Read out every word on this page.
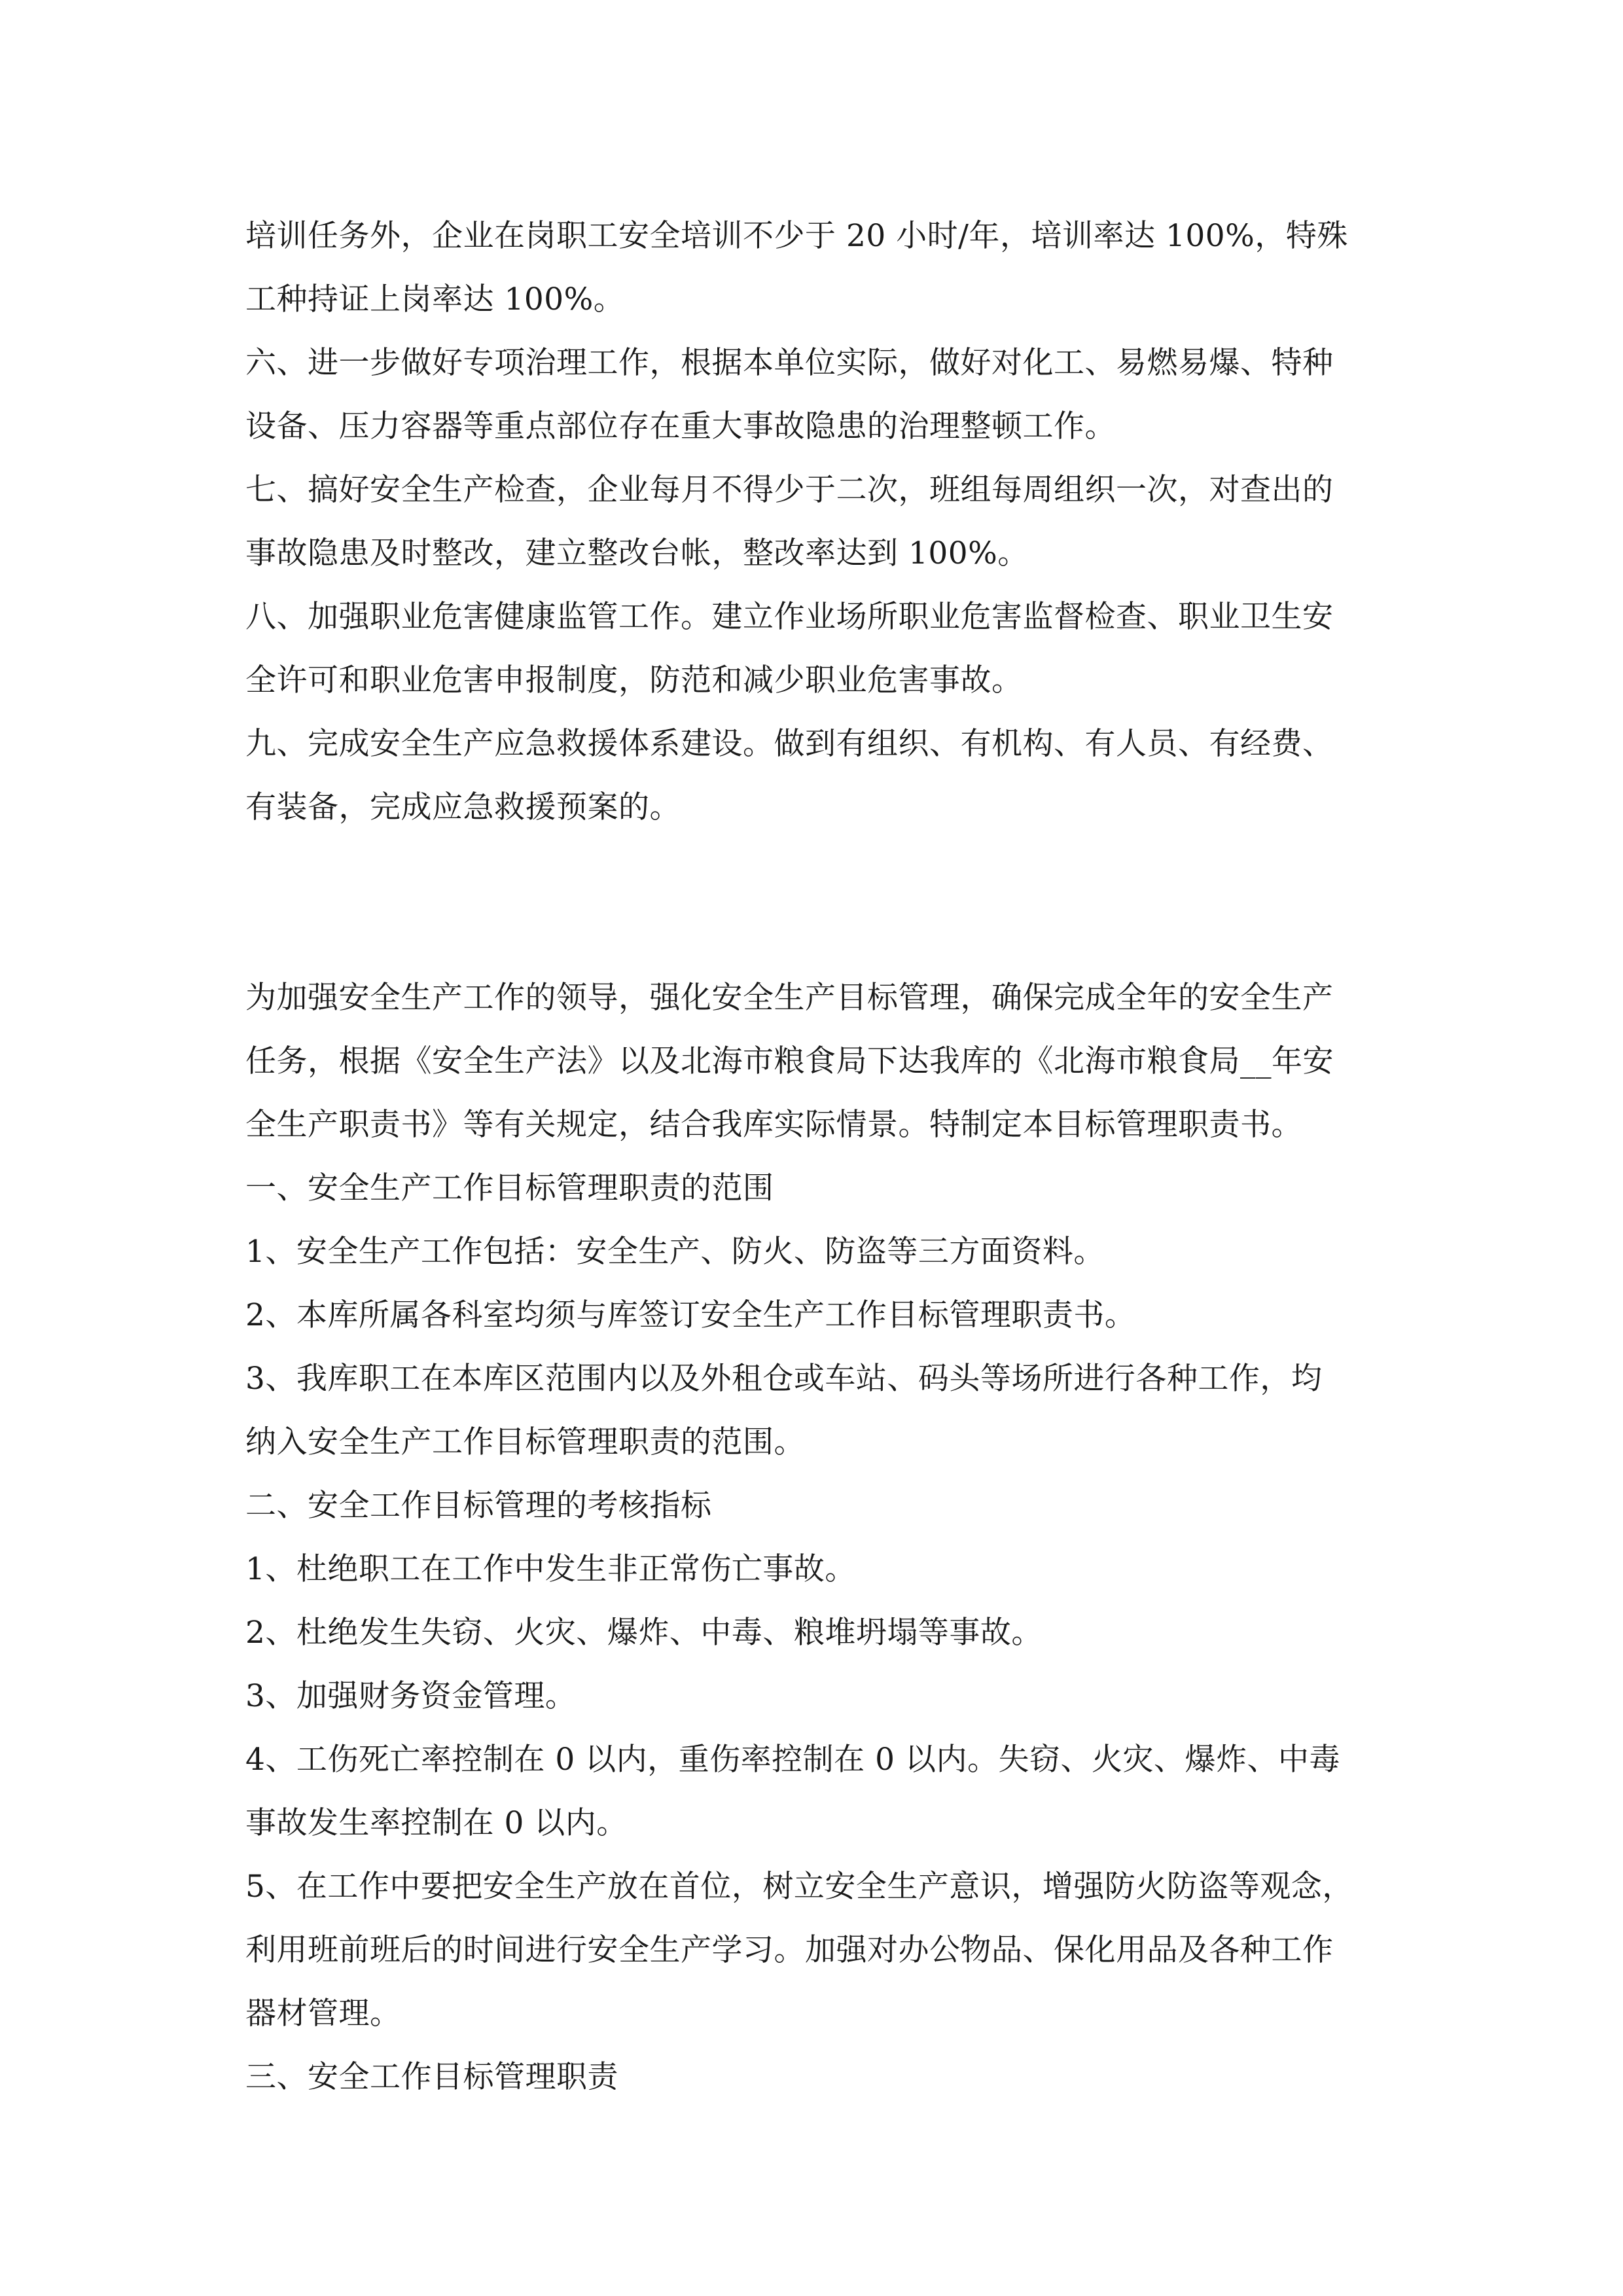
培训任务外，企业在岗职工安全培训不少于 20 小时/年，培训率达 100%，特殊
工种持证上岗率达 100%。
六、进一步做好专项治理工作，根据本单位实际，做好对化工、易燃易爆、特种
设备、压力容器等重点部位存在重大事故隐患的治理整顿工作。
七、搞好安全生产检查，企业每月不得少于二次，班组每周组织一次，对查出的
事故隐患及时整改，建立整改台帐，整改率达到 100%。
八、加强职业危害健康监管工作。建立作业场所职业危害监督检查、职业卫生安
全许可和职业危害申报制度，防范和减少职业危害事故。
九、完成安全生产应急救援体系建设。做到有组织、有机构、有人员、有经费、
有装备，完成应急救援预案的。
为加强安全生产工作的领导，强化安全生产目标管理，确保完成全年的安全生产
任务，根据《安全生产法》以及北海市粮食局下达我库的《北海市粮食局__年安
全生产职责书》等有关规定，结合我库实际情景。特制定本目标管理职责书。
一、安全生产工作目标管理职责的范围
1、安全生产工作包括：安全生产、防火、防盗等三方面资料。
2、本库所属各科室均须与库签订安全生产工作目标管理职责书。
3、我库职工在本库区范围内以及外租仓或车站、码头等场所进行各种工作，均
纳入安全生产工作目标管理职责的范围。
二、安全工作目标管理的考核指标
1、杜绝职工在工作中发生非正常伤亡事故。
2、杜绝发生失窃、火灾、爆炸、中毒、粮堆坍塌等事故。
3、加强财务资金管理。
4、工伤死亡率控制在 0 以内，重伤率控制在 0 以内。失窃、火灾、爆炸、中毒
事故发生率控制在 0 以内。
5、在工作中要把安全生产放在首位，树立安全生产意识，增强防火防盗等观念，
利用班前班后的时间进行安全生产学习。加强对办公物品、保化用品及各种工作
器材管理。
三、安全工作目标管理职责
